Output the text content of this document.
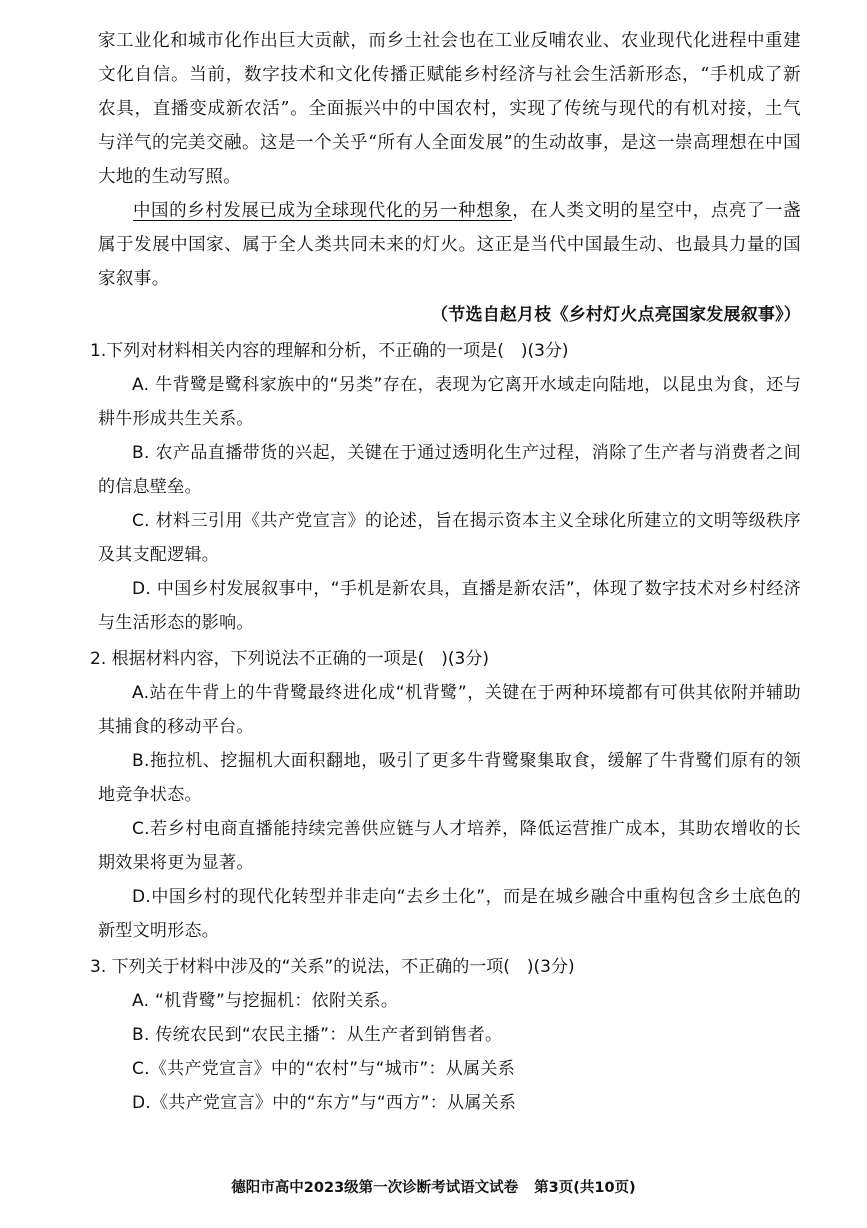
家工业化和城市化作出巨大贡献，而乡土社会也在工业反哺农业、农业现代化进程中重建文化自信。当前，数字技术和文化传播正赋能乡村经济与社会生活新形态，“手机成了新农具，直播变成新农活”。全面振兴中的中国农村，实现了传统与现代的有机对接，土气与洋气的完美交融。这是一个关乎“所有人全面发展”的生动故事，是这一崇高理想在中国大地的生动写照。

中国的乡村发展已成为全球现代化的另一种想象，在人类文明的星空中，点亮了一盏属于发展中国家、属于全人类共同未来的灯火。这正是当代中国最生动、也最具力量的国家叙事。

（节选自赵月枝《乡村灯火点亮国家发展叙事》）

1.下列对材料相关内容的理解和分析，不正确的一项是(　)(3分)

A. 牛背鹭是鹭科家族中的“另类”存在，表现为它离开水域走向陆地，以昆虫为食，还与耕牛形成共生关系。

B. 农产品直播带货的兴起，关键在于通过透明化生产过程，消除了生产者与消费者之间的信息壁垒。

C. 材料三引用《共产党宣言》的论述，旨在揭示资本主义全球化所建立的文明等级秩序及其支配逻辑。

D. 中国乡村发展叙事中，“手机是新农具，直播是新农活”，体现了数字技术对乡村经济与生活形态的影响。

2. 根据材料内容，下列说法不正确的一项是(　)(3分)

A.站在牛背上的牛背鹭最终进化成“机背鹭”，关键在于两种环境都有可供其依附并辅助其捕食的移动平台。

B.拖拉机、挖掘机大面积翻地，吸引了更多牛背鹭聚集取食，缓解了牛背鹭们原有的领地竞争状态。

C.若乡村电商直播能持续完善供应链与人才培养，降低运营推广成本，其助农增收的长期效果将更为显著。

D.中国乡村的现代化转型并非走向“去乡土化”，而是在城乡融合中重构包含乡土底色的新型文明形态。

3. 下列关于材料中涉及的“关系”的说法，不正确的一项(　)(3分)

A. “机背鹭”与挖掘机：依附关系。

B. 传统农民到“农民主播”：从生产者到销售者。

C.《共产党宣言》中的“农村”与“城市”：从属关系

D.《共产党宣言》中的“东方”与“西方”：从属关系

德阳市高中2023级第一次诊断考试语文试卷 第3页(共10页)
